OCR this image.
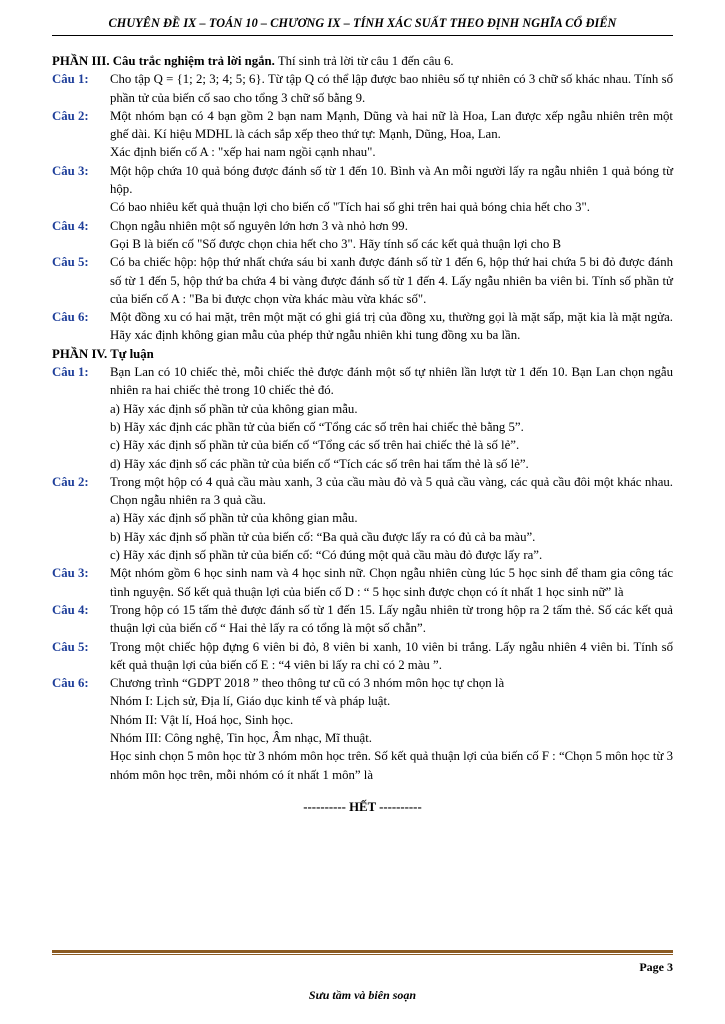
CHUYÊN ĐỀ IX – TOÁN 10 – CHƯƠNG IX – TÍNH XÁC SUẤT THEO ĐỊNH NGHĨA CỔ ĐIỂN
PHẦN III. Câu trắc nghiệm trả lời ngắn. Thí sinh trả lời từ câu 1 đến câu 6.
Câu 1:	Cho tập Q = {1; 2; 3; 4; 5; 6}. Từ tập Q có thể lập được bao nhiêu số tự nhiên có 3 chữ số khác nhau. Tính số phần tử của biến cố sao cho tổng 3 chữ số bằng 9.

Câu 2:	Một nhóm bạn có 4 bạn gồm 2 bạn nam Mạnh, Dũng và hai nữ là Hoa, Lan được xếp ngẫu nhiên trên một ghế dài. Kí hiệu MDHL là cách sắp xếp theo thứ tự: Mạnh, Dũng, Hoa, Lan.

Xác định biến cố A : "xếp hai nam ngồi cạnh nhau".

Câu 3:	Một hộp chứa 10 quả bóng được đánh số từ 1 đến 10. Bình và An mỗi người lấy ra ngẫu nhiên 1 quả bóng từ hộp.

Có bao nhiêu kết quả thuận lợi cho biến cố "Tích hai số ghi trên hai quả bóng chia hết cho 3".

Câu 4:	Chọn ngẫu nhiên một số nguyên lớn hơn 3 và nhỏ hơn 99.

Gọi B là biến cố "Số được chọn chia hết cho 3". Hãy tính số các kết quả thuận lợi cho B

Câu 5:	Có ba chiếc hộp: hộp thứ nhất chứa sáu bi xanh được đánh số từ 1 đến 6, hộp thứ hai chứa 5 bi đỏ được đánh số từ 1 đến 5, hộp thứ ba chứa 4 bi vàng được đánh số từ 1 đến 4. Lấy ngẫu nhiên ba viên bi. Tính số phần tử của biến cố A : "Ba bi được chọn vừa khác màu vừa khác số".

Câu 6:	Một đồng xu có hai mặt, trên một mặt có ghi giá trị của đồng xu, thường gọi là mặt sấp, mặt kia là mặt ngửa. Hãy xác định không gian mẫu của phép thử ngẫu nhiên khi tung đồng xu ba lần.

PHẦN IV. Tự luận
Câu 1:	Bạn Lan có 10 chiếc thẻ, mỗi chiếc thẻ được đánh một số tự nhiên lần lượt từ 1 đến 10. Bạn Lan chọn ngẫu nhiên ra hai chiếc thẻ trong 10 chiếc thẻ đó.

a) Hãy xác định số phần tử của không gian mẫu.

b) Hãy xác định các phần tử của biến cố “Tổng các số trên hai chiếc thẻ bằng 5”.

c) Hãy xác định số phần tử của biến cố “Tổng các số trên hai chiếc thẻ là số lẻ”.

d) Hãy xác định số các phần tử của biến cố “Tích các số trên hai tấm thẻ là số lẻ”.

Câu 2:	Trong một hộp có 4 quả cầu màu xanh, 3 của cầu màu đỏ và 5 quả cầu vàng, các quả cầu đôi một khác nhau. Chọn ngẫu nhiên ra 3 quả cầu.

a) Hãy xác định số phần tử của không gian mẫu.

b) Hãy xác định số phần tử của biến cố: “Ba quả cầu được lấy ra có đủ cả ba màu”.

c) Hãy xác định số phần tử của biến cố: “Có đúng một quả cầu màu đỏ được lấy ra”.

Câu 3:	Một nhóm gồm 6 học sinh nam và 4 học sinh nữ. Chọn ngẫu nhiên cùng lúc 5 học sinh để tham gia công tác tình nguyện. Số kết quả thuận lợi của biến cố D : “ 5 học sinh được chọn có ít nhất 1 học sinh nữ” là

Câu 4:	Trong hộp có 15 tấm thẻ được đánh số từ 1 đến 15. Lấy ngẫu nhiên từ trong hộp ra 2 tấm thẻ. Số các kết quả thuận lợi của biến cố “ Hai thẻ lấy ra có tổng là một số chẵn”.

Câu 5:	Trong một chiếc hộp đựng 6 viên bi đỏ, 8 viên bi xanh, 10 viên bi trắng. Lấy ngẫu nhiên 4 viên bi. Tính số kết quả thuận lợi của biến cố E : “4 viên bi lấy ra chỉ có 2 màu ”.

Câu 6:	Chương trình “GDPT 2018 ” theo thông tư cũ có 3 nhóm môn học tự chọn là

Nhóm I: Lịch sử, Địa lí, Giáo dục kinh tế và pháp luật.

Nhóm II: Vật lí, Hoá học, Sinh học.

Nhóm III: Công nghệ, Tin học, Âm nhạc, Mĩ thuật.

Học sinh chọn 5 môn học từ 3 nhóm môn học trên. Số kết quả thuận lợi của biến cố F : “Chọn 5 môn học từ 3 nhóm môn học trên, mỗi nhóm có ít nhất 1 môn” là

---------- HẾT ----------
Page 3
Sưu tầm và biên soạn
